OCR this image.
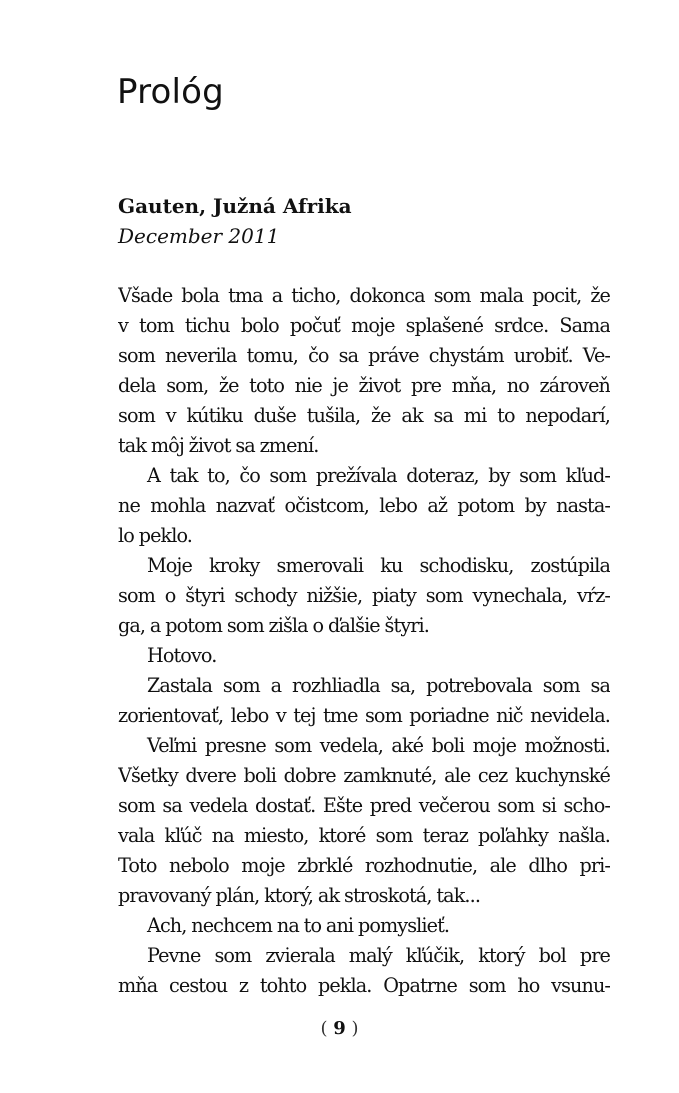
Prológ
Gauten, Južná Afrika
December 2011
Všade bola tma a ticho, dokonca som mala pocit, že
v tom tichu bolo počuť moje splašené srdce. Sama
som neverila tomu, čo sa práve chystám urobiť. Ve-
dela som, že toto nie je život pre mňa, no zároveň
som v kútiku duše tušila, že ak sa mi to nepodarí,
tak môj život sa zmení.
A tak to, čo som prežívala doteraz, by som kľud-
ne mohla nazvať očistcom, lebo až potom by nasta-
lo peklo.
Moje kroky smerovali ku schodisku, zostúpila
som o štyri schody nižšie, piaty som vynechala, vŕz-
ga, a potom som zišla o ďalšie štyri.
Hotovo.
Zastala som a rozhliadla sa, potrebovala som sa
zorientovať, lebo v tej tme som poriadne nič nevidela.
Veľmi presne som vedela, aké boli moje možnosti.
Všetky dvere boli dobre zamknuté, ale cez kuchynské
som sa vedela dostať. Ešte pred večerou som si scho-
vala kľúč na miesto, ktoré som teraz poľahky našla.
Toto nebolo moje zbrklé rozhodnutie, ale dlho pri-
pravovaný plán, ktorý, ak stroskotá, tak...
Ach, nechcem na to ani pomyslieť.
Pevne som zvierala malý kľúčik, ktorý bol pre
mňa cestou z tohto pekla. Opatrne som ho vsunu-
( 9 )
